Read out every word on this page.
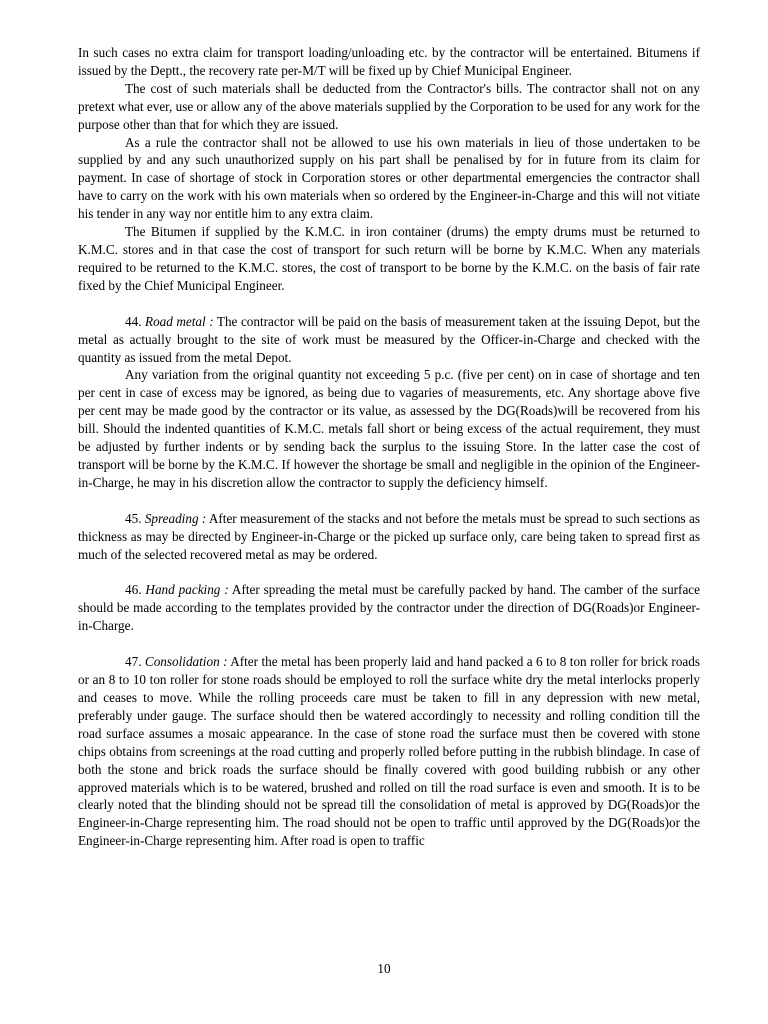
In such cases no extra claim for transport loading/unloading etc. by the contractor will be entertained. Bitumens if issued by the Deptt., the recovery rate per-M/T will be fixed up by Chief Municipal Engineer.

The cost of such materials shall be deducted from the Contractor's bills. The contractor shall not on any pretext what ever, use or allow any of the above materials supplied by the Corporation to be used for any work for the purpose other than that for which they are issued.

As a rule the contractor shall not be allowed to use his own materials in lieu of those undertaken to be supplied by and any such unauthorized supply on his part shall be penalised by for in future from its claim for payment. In case of shortage of stock in Corporation stores or other departmental emergencies the contractor shall have to carry on the work with his own materials when so ordered by the Engineer-in-Charge and this will not vitiate his tender in any way nor entitle him to any extra claim.

The Bitumen if supplied by the K.M.C. in iron container (drums) the empty drums must be returned to K.M.C. stores and in that case the cost of transport for such return will be borne by K.M.C. When any materials required to be returned to the K.M.C. stores, the cost of transport to be borne by the K.M.C. on the basis of fair rate fixed by the Chief Municipal Engineer.

44. Road metal : The contractor will be paid on the basis of measurement taken at the issuing Depot, but the metal as actually brought to the site of work must be measured by the Officer-in-Charge and checked with the quantity as issued from the metal Depot.

Any variation from the original quantity not exceeding 5 p.c. (five per cent) on in case of shortage and ten per cent in case of excess may be ignored, as being due to vagaries of measurements, etc. Any shortage above five per cent may be made good by the contractor or its value, as assessed by the DG(Roads)will be recovered from his bill. Should the indented quantities of K.M.C. metals fall short or being excess of the actual requirement, they must be adjusted by further indents or by sending back the surplus to the issuing Store. In the latter case the cost of transport will be borne by the K.M.C. If however the shortage be small and negligible in the opinion of the Engineer-in-Charge, he may in his discretion allow the contractor to supply the deficiency himself.

45. Spreading : After measurement of the stacks and not before the metals must be spread to such sections as thickness as may be directed by Engineer-in-Charge or the picked up surface only, care being taken to spread first as much of the selected recovered metal as may be ordered.

46. Hand packing : After spreading the metal must be carefully packed by hand. The camber of the surface should be made according to the templates provided by the contractor under the direction of DG(Roads)or Engineer-in-Charge.

47. Consolidation : After the metal has been properly laid and hand packed a 6 to 8 ton roller for brick roads or an 8 to 10 ton roller for stone roads should be employed to roll the surface white dry the metal interlocks properly and ceases to move. While the rolling proceeds care must be taken to fill in any depression with new metal, preferably under gauge. The surface should then be watered accordingly to necessity and rolling condition till the road surface assumes a mosaic appearance. In the case of stone road the surface must then be covered with stone chips obtains from screenings at the road cutting and properly rolled before putting in the rubbish blindage. In case of both the stone and brick roads the surface should be finally covered with good building rubbish or any other approved materials which is to be watered, brushed and rolled on till the road surface is even and smooth. It is to be clearly noted that the blinding should not be spread till the consolidation of metal is approved by DG(Roads)or the Engineer-in-Charge representing him. The road should not be open to traffic until approved by the DG(Roads)or the Engineer-in-Charge representing him. After road is open to traffic

10
